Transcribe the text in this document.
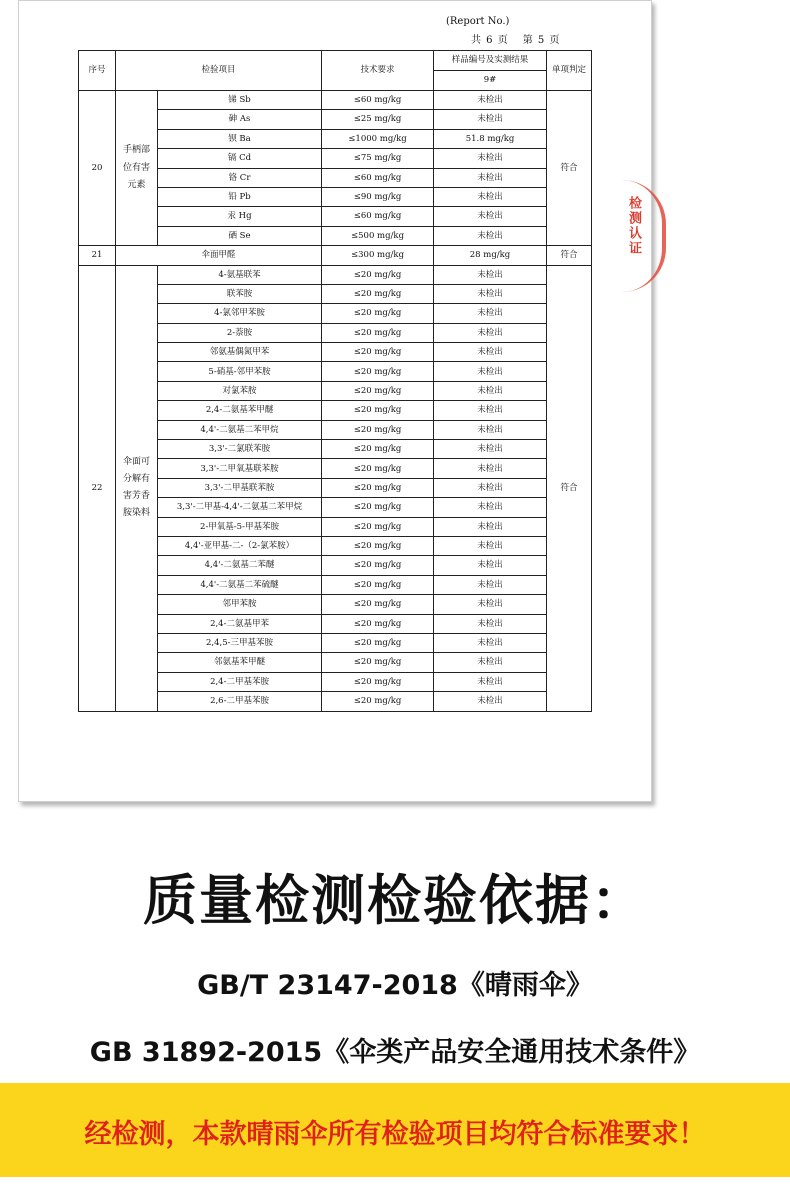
(Report No.)
共 6 页 第 5 页
序号	检验项目		技术要求	样品编号及实测结果	单项判定
				9#	
20	手柄部位有害元素	锑 Sb	≤60 mg/kg	未检出	符合
		砷 As	≤25 mg/kg	未检出	
		钡 Ba	≤1000 mg/kg	51.8 mg/kg	
		镉 Cd	≤75 mg/kg	未检出	
		铬 Cr	≤60 mg/kg	未检出	
		铅 Pb	≤90 mg/kg	未检出	
		汞 Hg	≤60 mg/kg	未检出	
		硒 Se	≤500 mg/kg	未检出	
21	伞面甲醛		≤300 mg/kg	28 mg/kg	符合
22	伞面可分解有害芳香胺染料	4-氨基联苯	≤20 mg/kg	未检出	符合
		联苯胺	≤20 mg/kg	未检出	
		4-氯邻甲苯胺	≤20 mg/kg	未检出	
		2-萘胺	≤20 mg/kg	未检出	
		邻氨基偶氮甲苯	≤20 mg/kg	未检出	
		5-硝基-邻甲苯胺	≤20 mg/kg	未检出	
		对氯苯胺	≤20 mg/kg	未检出	
		2,4-二氨基苯甲醚	≤20 mg/kg	未检出	
		4,4'-二氨基二苯甲烷	≤20 mg/kg	未检出	
		3,3'-二氯联苯胺	≤20 mg/kg	未检出	
		3,3'-二甲氧基联苯胺	≤20 mg/kg	未检出	
		3,3'-二甲基联苯胺	≤20 mg/kg	未检出	
		3,3'-二甲基-4,4'-二氨基二苯甲烷	≤20 mg/kg	未检出	
		2-甲氧基-5-甲基苯胺	≤20 mg/kg	未检出	
		4,4'-亚甲基-二-（2-氯苯胺）	≤20 mg/kg	未检出	
		4,4'-二氨基二苯醚	≤20 mg/kg	未检出	
		4,4'-二氨基二苯硫醚	≤20 mg/kg	未检出	
		邻甲苯胺	≤20 mg/kg	未检出	
		2,4-二氨基甲苯	≤20 mg/kg	未检出	
		2,4,5-三甲基苯胺	≤20 mg/kg	未检出	
		邻氨基苯甲醚	≤20 mg/kg	未检出	
		2,4-二甲基苯胺	≤20 mg/kg	未检出	
		2,6-二甲基苯胺	≤20 mg/kg	未检出	
检测认证
质量检测检验依据：
GB/T 23147-2018《晴雨伞》
GB 31892-2015《伞类产品安全通用技术条件》
经检测，本款晴雨伞所有检验项目均符合标准要求！
